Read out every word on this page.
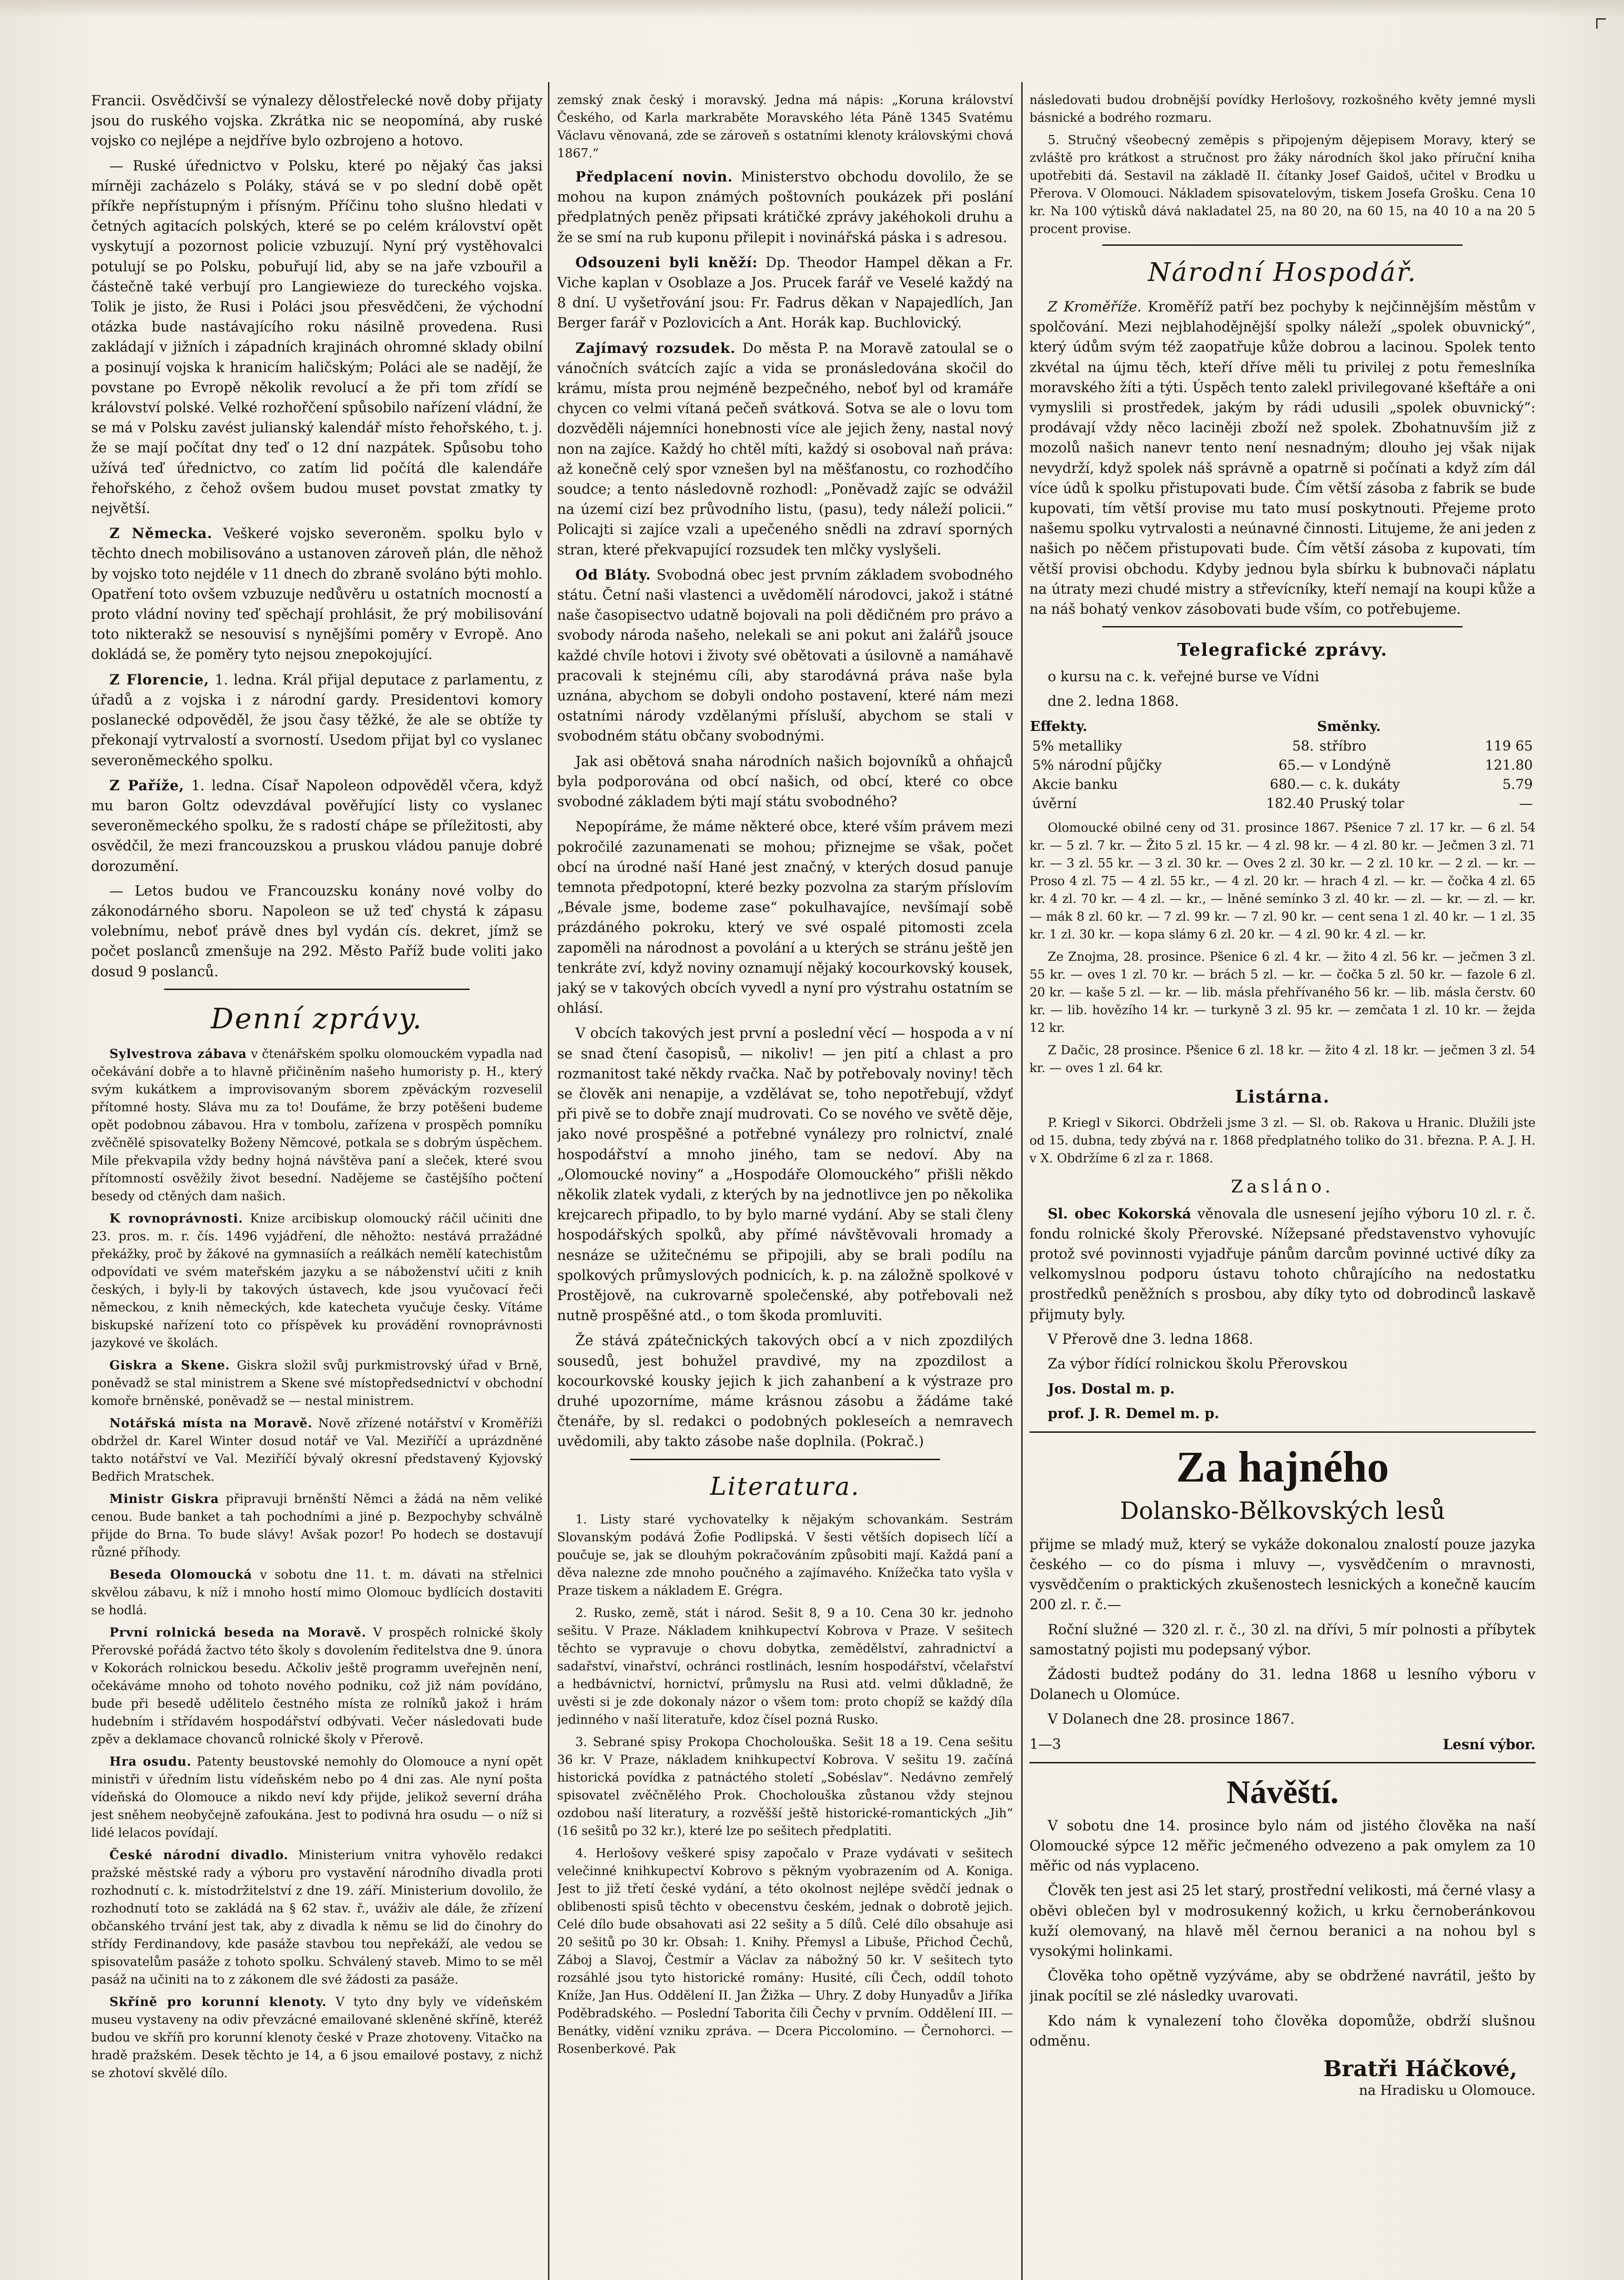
Francii. Osvědčivší se výnalezy dělostřelecké nově doby přijaty jsou do ruského vojska. Zkrátka nic se neopomíná, aby ruské vojsko co nejlépe a nejdříve bylo ozbrojeno a hotovo.

— Ruské úřednictvo v Polsku, které po nějaký čas jaksi mírněji zacházelo s Poláky, stává se v po slední době opět příkře nepřístupným i přísným. Příčinu toho slušno hledati v četných agitacích polských, které se po celém království opět vyskytují a pozornost policie vzbuzují. Nyní prý vystěhovalci potulují se po Polsku, pobuřují lid, aby se na jaře vzbouřil a částečně také verbují pro Langiewieze do tureckého vojska. Tolik je jisto, že Rusi i Poláci jsou přesvědčeni, že východní otázka bude nastávajícího roku násilně provedena. Rusi zakládají v jižních i západních krajinách ohromné sklady obilní a posinují vojska k hranicím haličským; Poláci ale se nadějí, že povstane po Evropě několik revolucí a že při tom zřídí se království polské. Velké rozhořčení spůsobilo nařízení vládní, že se má v Polsku zavést julianský kalendář místo řehořského, t. j. že se mají počítat dny teď o 12 dní nazpátek. Spůsobu toho užívá teď úřednictvo, co zatím lid počítá dle kalendáře řehořského, z čehož ovšem budou muset povstat zmatky ty největší.

Z Německa. Veškeré vojsko severoněm. spolku bylo v těchto dnech mobilisováno a ustanoven zároveň plán, dle něhož by vojsko toto nejdéle v 11 dnech do zbraně svoláno býti mohlo. Opatření toto ovšem vzbuzuje nedůvěru u ostatních mocností a proto vládní noviny teď spěchají prohlásit, že prý mobilisování toto nikterakž se nesouvisí s nynějšími poměry v Evropě. Ano dokládá se, že poměry tyto nejsou znepokojující.

Z Florencie, 1. ledna. Král přijal deputace z parlamentu, z úřadů a z vojska i z národní gardy. Presidentovi komory poslanecké odpověděl, že jsou časy těžké, že ale se obtíže ty překonají vytrvalostí a svorností. Usedom přijat byl co vyslanec severoněmeckého spolku.

Z Paříže, 1. ledna. Císař Napoleon odpověděl včera, když mu baron Goltz odevzdával pověřující listy co vyslanec severoněmeckého spolku, že s radostí chápe se příležitosti, aby osvědčil, že mezi francouzskou a pruskou vládou panuje dobré dorozumění.

— Letos budou ve Francouzsku konány nové volby do zákonodárného sboru. Napoleon se už teď chystá k zápasu volebnímu, neboť právě dnes byl vydán cís. dekret, jímž se počet poslanců zmenšuje na 292. Město Paříž bude voliti jako dosud 9 poslanců.

Denní zprávy.

Sylvestrova zábava v čtenářském spolku olomouckém vypadla nad očekávání dobře a to hlavně přičiněním našeho humoristy p. H., který svým kukátkem a improvisovaným sborem zpěváckým rozveselil přítomné hosty. Sláva mu za to! Doufáme, že brzy potěšeni budeme opět podobnou zábavou. Hra v tombolu, zařízena v prospěch pomníku zvěčnělé spisovatelky Boženy Němcové, potkala se s dobrým úspěchem. Mile překvapila vždy bedny hojná návštěva paní a sleček, které svou přítomností osvěžily život besední. Nadějeme se častějšího počtení besedy od ctěných dam našich.

K rovnoprávnosti. Knize arcibiskup olomoucký ráčil učiniti dne 23. pros. m. r. čís. 1496 vyjádření, dle něhožto: nestává prražádné překážky, proč by žákové na gymnasiích a reálkách nemělí katechistům odpovídati ve svém mateřském jazyku a se náboženství učiti z knih českých, i byly-li by takových ústavech, kde jsou vyučovací řeči německou, z knih německých, kde katecheta vyučuje česky. Vítáme biskupské nařízení toto co příspěvek ku provádění rovnoprávnosti jazykové ve školách.

Giskra a Skene. Giskra složil svůj purkmistrovský úřad v Brně, poněvadž se stal ministrem a Skene své místopředsednictví v obchodní komoře brněnské, poněvadž se — nestal ministrem.

Notářská místa na Moravě. Nově zřízené notářství v Kroměříži obdržel dr. Karel Winter dosud notář ve Val. Meziříčí a uprázdněné takto notářství ve Val. Meziříčí bývalý okresní představený Kyjovský Bedřich Mratschek.

Ministr Giskra připravuji brněnští Němci a žádá na něm veliké cenou. Bude banket a tah pochodními a jiné p. Bezpochyby schválně přijde do Brna. To bude slávy! Avšak pozor! Po hodech se dostavují různé příhody.

Beseda Olomoucká v sobotu dne 11. t. m. dávati na střelnici skvělou zábavu, k níž i mnoho hostí mimo Olomouc bydlících dostaviti se hodlá.

První rolnická beseda na Moravě. V prospěch rolnické školy Přerovské pořádá žactvo této školy s dovolením ředitelstva dne 9. února v Kokorách rolnickou besedu. Ačkoliv ještě programm uveřejněn není, očekáváme mnoho od tohoto nového podniku, což již nám povídáno, bude při besedě udělitelo čestného místa ze rolníků jakož i hrám hudebním i střídavém hospodářství odbývati. Večer následovati bude zpěv a deklamace chovanců rolnické školy v Přerově.

Hra osudu. Patenty beustovské nemohly do Olomouce a nyní opět ministři v úředním listu vídeňském nebo po 4 dni zas. Ale nyní pošta vídeňská do Olomouce a nikdo neví kdy přijde, jelikož severní dráha jest sněhem neobyčejně zafoukána. Jest to podivná hra osudu — o níž si lidé lelacos povídají.

České národní divadlo. Ministerium vnitra vyhovělo redakci pražské městské rady a výboru pro vystavění národního divadla proti rozhodnutí c. k. místodržitelství z dne 19. září. Ministerium dovolilo, že rozhodnutí toto se zakládá na § 62 stav. ř., uváživ ale dále, že zřízení občanského trvání jest tak, aby z divadla k němu se lid do činohry do střídy Ferdinandovy, kde pasáže stavbou tou nepřekáží, ale vedou se spisovatelům pasáže z tohoto spolku. Schválený staveb. Mimo to se měl pasáž na učiniti na to z zákonem dle své žádosti za pasáže.

Skříně pro korunní klenoty. V tyto dny byly ve vídeňském museu vystaveny na odiv převzácné emailované skleněné skříně, kteréž budou ve skříň pro korunní klenoty české v Praze zhotoveny. Vitačko na hradě pražském. Desek těchto je 14, a 6 jsou emailové postavy, z nichž se zhotoví skvělé dílo.

zemský znak český i moravský. Jedna má nápis: „Koruna království Českého, od Karla markraběte Moravského léta Páně 1345 Svatému Václavu věnovaná, zde se zároveň s ostatními klenoty královskými chová 1867.“

Předplacení novin. Ministerstvo obchodu dovolilo, že se mohou na kupon známých poštovních poukázek při poslání předplatných peněz připsati krátičké zprávy jakéhokoli druhu a že se smí na rub kuponu přilepit i novinářská páska i s adresou.

Odsouzeni byli kněží: Dp. Theodor Hampel děkan a Fr. Viche kaplan v Osoblaze a Jos. Prucek farář ve Veselé každý na 8 dní. U vyšetřování jsou: Fr. Fadrus děkan v Napajedlích, Jan Berger farář v Pozlovicích a Ant. Horák kap. Buchlovický.

Zajímavý rozsudek. Do města P. na Moravě zatoulal se o vánočních svátcích zajíc a vida se pronásledována skočil do krámu, místa prou nejméně bezpečného, neboť byl od kramáře chycen co velmi vítaná pečeň svátková. Sotva se ale o lovu tom dozvěděli nájemníci honebnosti více ale jejich ženy, nastal nový non na zajíce. Každý ho chtěl míti, každý si osoboval naň práva: až konečně celý spor vznešen byl na měšťanostu, co rozhodčího soudce; a tento následovně rozhodl: „Poněvadž zajíc se odvážil na území cizí bez průvodního listu, (pasu), tedy náleží policii.“ Policajti si zajíce vzali a upečeného snědli na zdraví sporných stran, které překvapující rozsudek ten mlčky vyslyšeli.

Od Bláty. Svobodná obec jest prvním základem svobodného státu. Četní naši vlastenci a uvědomělí národovci, jakož i státné naše časopisectvo udatně bojovali na poli dědičném pro právo a svobody národa našeho, nelekali se ani pokut ani žalářů jsouce každé chvíle hotovi i životy své obětovati a úsilovně a namáhavě pracovali k stejnému cíli, aby starodávná práva naše byla uznána, abychom se dobyli ondoho postavení, které nám mezi ostatními národy vzdělanými přísluší, abychom se stali v svobodném státu občany svobodnými.

Jak asi obětová snaha národních našich bojovníků a ohňajců byla podporována od obcí našich, od obcí, které co obce svobodné základem býti mají státu svobodného?

Nepopíráme, že máme některé obce, které vším právem mezi pokročilé zazunamenati se mohou; přiznejme se však, počet obcí na úrodné naší Hané jest značný, v kterých dosud panuje temnota předpotopní, které bezky pozvolna za starým příslovím „Bévale jsme, bodeme zase“ pokulhavajíce, nevšímají sobě prázdáného pokroku, který ve své ospalé pitomosti zcela zapoměli na národnost a povolání a u kterých se stránu ještě jen tenkráte zví, když noviny oznamují nějaký kocourkovský kousek, jaký se v takových obcích vyvedl a nyní pro výstrahu ostatním se ohlásí.

V obcích takových jest první a poslední věcí — hospoda a v ní se snad čtení časopisů, — nikoliv! — jen pití a chlast a pro rozmanitost také někdy rvačka. Nač by potřebovaly noviny! těch se člověk ani nenapije, a vzdělávat se, toho nepotřebují, vždyť při pivě se to dobře znají mudrovati. Co se nového ve světě děje, jako nové prospěšné a potřebné vynálezy pro rolnictví, znalé hospodářství a mnoho jiného, tam se nedoví. Aby na „Olomoucké noviny“ a „Hospodáře Olomouckého“ přišli někdo několik zlatek vydali, z kterých by na jednotlivce jen po několika krejcarech připadlo, to by bylo marné vydání. Aby se stali členy hospodářských spolků, aby přímé návštěvovali hromady a nesnáze se užitečnému se připojili, aby se brali podílu na spolkových průmyslových podnicích, k. p. na záložně spolkové v Prostějově, na cukrovarně společenské, aby potřebovali než nutně prospěšné atd., o tom škoda promluviti.

Že stává zpátečnických takových obcí a v nich zpozdilých sousedů, jest bohužel pravdivé, my na zpozdilost a kocourkovské kousky jejich k jich zahanbení a k výstraze pro druhé upozorníme, máme krásnou zásobu a žádáme také čtenáře, by sl. redakci o podobných pokleseích a nemravech uvědomili, aby takto zásobe naše doplnila. (Pokrač.)

Literatura.

1. Listy staré vychovatelky k nějakým schovankám. Sestrám Slovanským podává Žofie Podlipská. V šesti větších dopisech líčí a poučuje se, jak se dlouhým pokračováním způsobiti mají. Každá paní a děva nalezne zde mnoho poučného a zajímavého. Knížečka tato vyšla v Praze tiskem a nákladem E. Grégra.

2. Rusko, země, stát i národ. Sešit 8, 9 a 10. Cena 30 kr. jednoho sešitu. V Praze. Nákladem knihkupectví Kobrova v Praze. V sešitech těchto se vypravuje o chovu dobytka, zemědělství, zahradnictví a sadařství, vinařství, ochránci rostlinách, lesním hospodářství, včelařství a hedbávnictví, hornictví, průmyslu na Rusi atd. velmi důkladně, že uvěsti si je zde dokonaly názor o všem tom: proto chopíž se každý díla jedinného v naší literatuře, kdoz čísel pozná Rusko.

3. Sebrané spisy Prokopa Chocholouška. Sešit 18 a 19. Cena sešitu 36 kr. V Praze, nákladem knihkupectví Kobrova. V sešitu 19. začíná historická povídka z patnáctého století „Sobéslav“. Nedávno zemřelý spisovatel zvěčnělého Prok. Chocholouška zůstanou vždy stejnou ozdobou naší literatury, a rozvěšší ještě historické-romantických „Jih“ (16 sešitů po 32 kr.), které lze po sešitech předplatiti.

4. Herlošovy veškeré spisy započalo v Praze vydávati v sešitech velečinné knihkupectví Kobrovo s pěkným vyobrazením od A. Koniga. Jest to již třetí české vydání, a této okolnost nejlépe svědčí jednak o oblibenosti spisů těchto v obecenstvu českém, jednak o dobrotě jejich. Celé dílo bude obsahovati asi 22 sešity a 5 dílů. Celé dílo obsahuje asi 20 sešitů po 30 kr. Obsah: 1. Knihy. Přemysl a Libuše, Přichod Čechů, Záboj a Slavoj, Čestmír a Václav za nábožný 50 kr. V sešitech tyto rozsáhlé jsou tyto historické romány: Husité, cíli Čech, oddíl tohoto Kníže, Jan Hus. Oddělení II. Jan Žižka — Uhry. Z doby Hunyadův a Jiříka Poděbradského. — Poslední Taborita čili Čechy v prvním. Oddělení III. — Benátky, vidění vzniku zpráva. — Dcera Piccolomino. — Černohorci. — Rosenberkové. Pak

následovati budou drobnější povídky Herlošovy, rozkošného květy jemné mysli básnické a bodrého rozmaru.

5. Stručný všeobecný zeměpis s připojeným dějepisem Moravy, který se zvláště pro krátkost a stručnost pro žáky národních škol jako příruční kniha upotřebiti dá. Sestavil na základě II. čítanky Josef Gaidoš, učitel v Brodku u Přerova. V Olomouci. Nákladem spisovatelovým, tiskem Josefa Grošku. Cena 10 kr. Na 100 výtisků dává nakladatel 25, na 80 20, na 60 15, na 40 10 a na 20 5 procent provise.

Národní Hospodář.

Z Kroměříže. Kroměříž patří bez pochyby k nejčinnějším městům v spolčování. Mezi nejblahodějnější spolky náleží „spolek obuvnický“, který údům svým též zaopatřuje kůže dobrou a lacinou. Spolek tento zkvétal na újmu těch, kteří dříve měli tu privilej z potu řemeslníka moravského žíti a týti. Úspěch tento zalekl privilegované kšeftáře a oni vymyslili si prostředek, jakým by rádi udusili „spolek obuvnický“: prodávají vždy něco laciněji zboží než spolek. Zbohatnuvším již z mozolů našich nanevr tento není nesnadným; dlouho jej však nijak nevydrží, když spolek náš správně a opatrně si počínati a když zím dál více údů k spolku přistupovati bude. Čím větší zásoba z fabrik se bude kupovati, tím větší provise mu tato musí poskytnouti. Přejeme proto našemu spolku vytrvalosti a neúnavné činnosti. Litujeme, že ani jeden z našich po něčem přistupovati bude. Čím větší zásoba z kupovati, tím větší provisi obchodu. Kdyby jednou byla sbírku k bubnovači náplatu na útraty mezi chudé mistry a střevícníky, kteří nemají na koupi kůže a na náš bohatý venkov zásobovati bude vším, co potřebujeme.

Telegrafické zprávy.

o kursu na c. k. veřejné burse ve Vídni

dne 2. ledna 1868.

Effekty.		Směnky.	
5% metalliky	58.	stříbro	119 65
5% národní půjčky	65.—	v Londýně	121.80
Akcie banku	680.—	c. k. dukáty	5.79
úvěrní	182.40	Pruský tolar	—

Olomoucké obilné ceny od 31. prosince 1867. Pšenice 7 zl. 17 kr. — 6 zl. 54 kr. — 5 zl. 7 kr. — Žito 5 zl. 15 kr. — 4 zl. 98 kr. — 4 zl. 80 kr. — Ječmen 3 zl. 71 kr. — 3 zl. 55 kr. — 3 zl. 30 kr. — Oves 2 zl. 30 kr. — 2 zl. 10 kr. — 2 zl. — kr. — Proso 4 zl. 75 — 4 zl. 55 kr., — 4 zl. 20 kr. — hrach 4 zl. — kr. — čočka 4 zl. 65 kr. 4 zl. 70 kr. — 4 zl. — kr., — lněné semínko 3 zl. 40 kr. — zl. — kr. — zl. — kr. — mák 8 zl. 60 kr. — 7 zl. 99 kr. — 7 zl. 90 kr. — cent sena 1 zl. 40 kr. — 1 zl. 35 kr. 1 zl. 30 kr. — kopa slámy 6 zl. 20 kr. — 4 zl. 90 kr. 4 zl. — kr.

Ze Znojma, 28. prosince. Pšenice 6 zl. 4 kr. — žito 4 zl. 56 kr. — ječmen 3 zl. 55 kr. — oves 1 zl. 70 kr. — brách 5 zl. — kr. — čočka 5 zl. 50 kr. — fazole 6 zl. 20 kr. — kaše 5 zl. — kr. — lib. másla přehřívaného 56 kr. — lib. másla čerstv. 60 kr. — lib. hovězího 14 kr. — turkyně 3 zl. 95 kr. — zemčata 1 zl. 10 kr. — žejda 12 kr.

Z Dačic, 28 prosince. Pšenice 6 zl. 18 kr. — žito 4 zl. 18 kr. — ječmen 3 zl. 54 kr. — oves 1 zl. 64 kr.

Listárna.

P. Kriegl v Sikorci. Obdrželi jsme 3 zl. — Sl. ob. Rakova u Hranic. Dlužili jste od 15. dubna, tedy zbývá na r. 1868 předplatného toliko do 31. března. P. A. J. H. v X. Obdržíme 6 zl za r. 1868.

Zasláno.

Sl. obec Kokorská věnovala dle usnesení jejího výboru 10 zl. r. č. fondu rolnické školy Přerovské. Nížepsané představenstvo vyhovujíc protož své povinnosti vyjadřuje pánům darcům povinné uctivé díky za velkomyslnou podporu ústavu tohoto chůrajícího na nedostatku prostředků peněžních s prosbou, aby díky tyto od dobrodinců laskavě přijmuty byly.

V Přerově dne 3. ledna 1868.

Za výbor řídící rolnickou školu Přerovskou

Jos. Dostal m. p.

prof. J. R. Demel m. p.

Za hajného
Dolansko-Bělkovských lesů

přijme se mladý muž, který se vykáže dokonalou znalostí pouze jazyka českého — co do písma i mluvy —, vysvědčením o mravnosti, vysvědčením o praktických zkušenostech lesnických a konečně kaucím 200 zl. r. č.—

Roční služné — 320 zl. r. č., 30 zl. na dřívi, 5 mír polnosti a příbytek samostatný pojisti mu podepsaný výbor.

Žádosti budtež podány do 31. ledna 1868 u lesního výboru v Dolanech u Olomúce.

V Dolanech dne 28. prosince 1867.

1—3	Lesní výbor.

Návěští.

V sobotu dne 14. prosince bylo nám od jistého člověka na naší Olomoucké sýpce 12 měřic ječmeného odvezeno a pak omylem za 10 měřic od nás vyplaceno.

Člověk ten jest asi 25 let starý, prostřední velikosti, má černé vlasy a oběvi oblečen byl v modrosukenný kožich, u krku černoberánkovou kuží olemovaný, na hlavě měl černou beranici a na nohou byl s vysokými holinkami.

Člověka toho opětně vyzýváme, aby se obdržené navrátil, ješto by jinak pocítil se zlé následky uvarovati.

Kdo nám k vynalezení toho člověka dopomůže, obdrží slušnou odměnu.

Bratři Háčkové,
na Hradisku u Olomouce.
